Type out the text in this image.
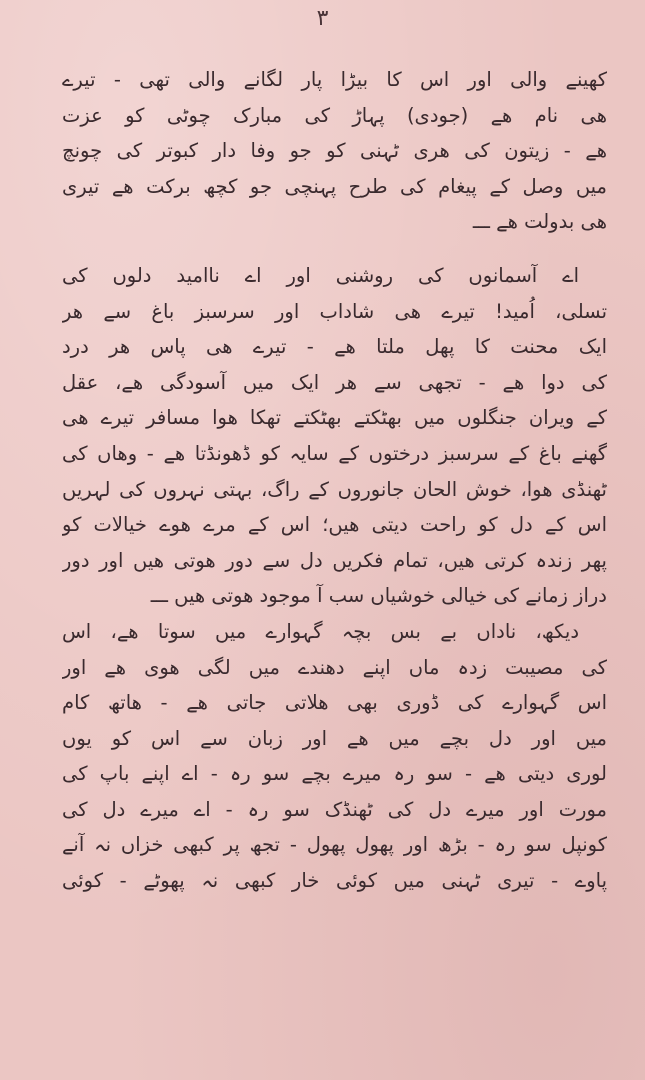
۳
کھینے والی اور اس کا بیڑا پار لگانے والی تھی - تیرے
ھی نام ھے (جودی) پہاڑ کی مبارک چوٹی کو عزت
ھے - زیتون کی ھری ٹہنی کو جو وفا دار کبوتر کی چونچ
میں وصل کے پیغام کی طرح پہنچی جو کچھ برکت ھے تیری
ھی بدولت ھے ـــ
اے آسمانوں کی روشنی اور اے ناامید دلوں کی
تسلی، اُمید! تیرے ھی شاداب اور سرسبز باغ سے ھر
ایک محنت کا پھل ملتا ھے - تیرے ھی پاس ھر درد
کی دوا ھے - تجھی سے ھر ایک میں آسودگی ھے، عقل
کے ویران جنگلوں میں بھٹکتے بھٹکتے تھکا ھوا مسافر تیرے ھی
گھنے باغ کے سرسبز درختوں کے سایہ کو ڈھونڈتا ھے - وھاں کی
ٹھنڈی ھوا، خوش الحان جانوروں کے راگ، بہتی نہروں کی لہریں
اس کے دل کو راحت دیتی ھیں؛ اس کے مرے ھوے خیالات کو
پھر زندہ کرتی ھیں، تمام فکریں دل سے دور ھوتی ھیں اور دور
دراز زمانے کی خیالی خوشیاں سب آ موجود ھوتی ھیں ـــ
دیکھ، ناداں بے بس بچہ گہوارے میں سوتا ھے، اس
کی مصیبت زدہ ماں اپنے دھندے میں لگی ھوی ھے اور
اس گہوارے کی ڈوری بھی ھلاتی جاتی ھے - ھاتھ کام
میں اور دل بچے میں ھے اور زبان سے اس کو یوں
لوری دیتی ھے - سو رہ میرے بچے سو رہ - اے اپنے باپ کی
مورت اور میرے دل کی ٹھنڈک سو رہ - اے میرے دل کی
کونپل سو رہ - بڑھ اور پھول پھول - تجھ پر کبھی خزاں نہ آنے
پاوے - تیری ٹہنی میں کوئی خار کبھی نہ پھوٹے - کوئی
